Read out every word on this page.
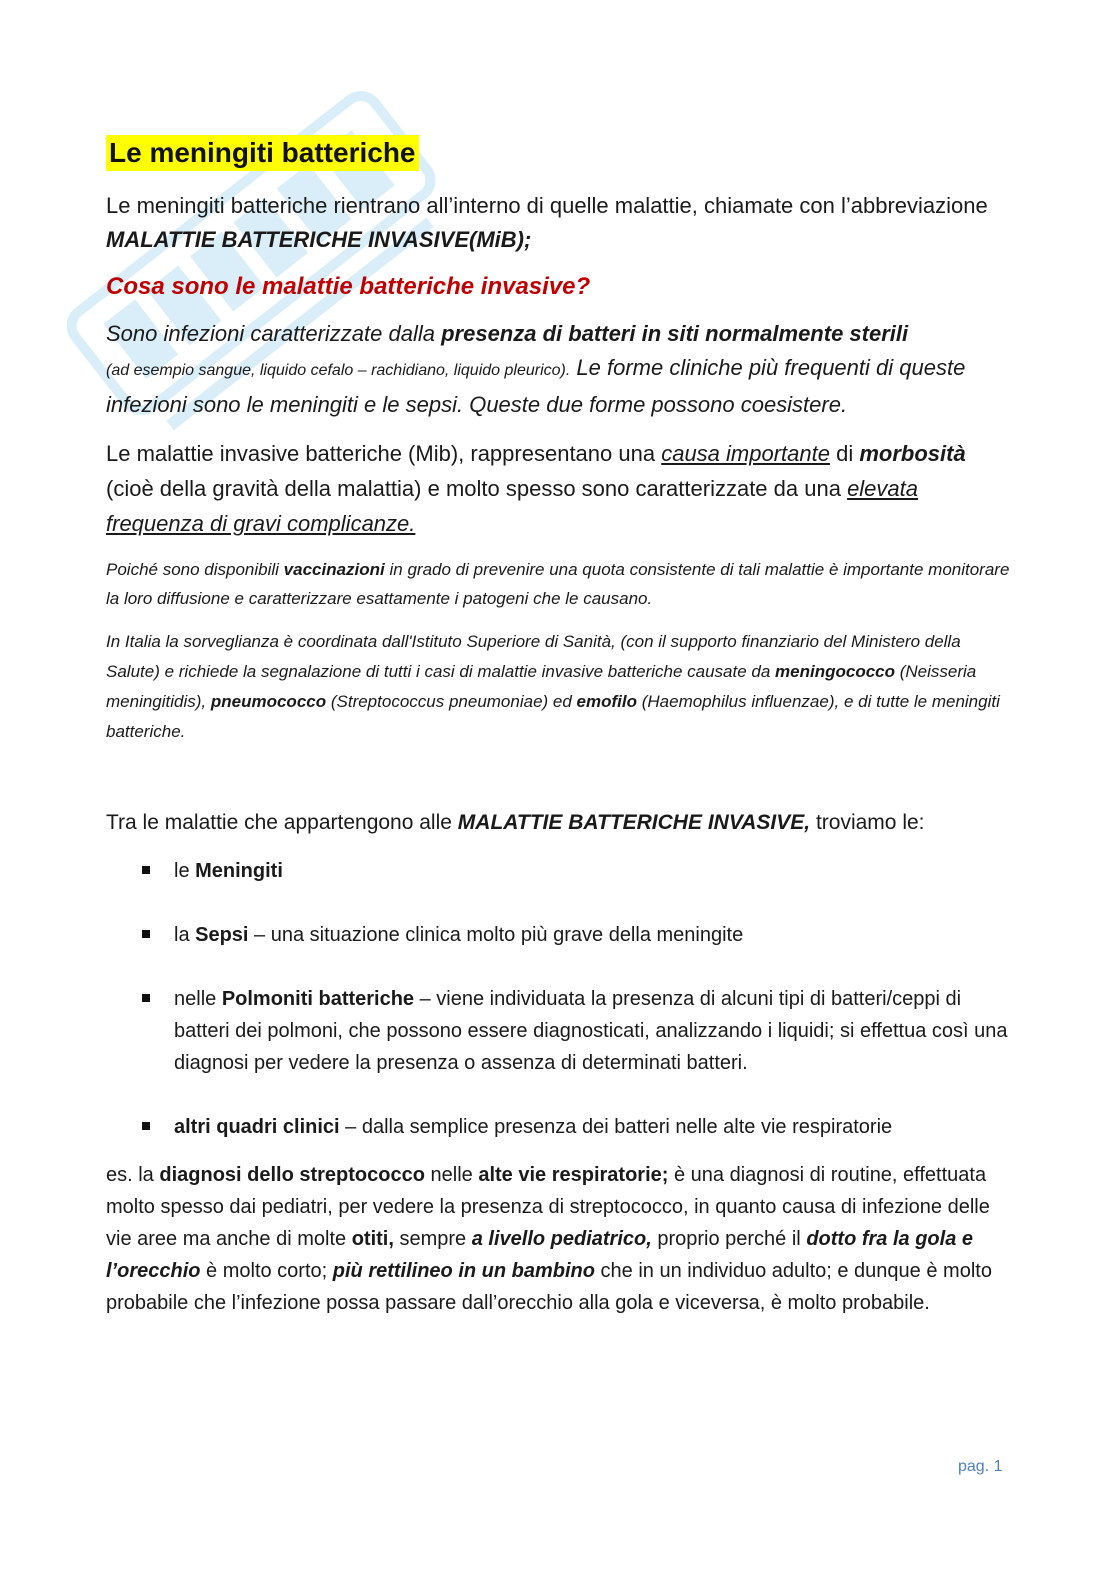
Le meningiti batteriche

Le meningiti batteriche rientrano all’interno di quelle malattie, chiamate con l’abbreviazione MALATTIE BATTERICHE INVASIVE(MiB);

Cosa sono le malattie batteriche invasive?

Sono infezioni caratterizzate dalla presenza di batteri in siti normalmente sterili
(ad esempio sangue, liquido cefalo – rachidiano, liquido pleurico). Le forme cliniche più frequenti di queste infezioni sono le meningiti e le sepsi. Queste due forme possono coesistere.

Le malattie invasive batteriche (Mib), rappresentano una causa importante di morbosità (cioè della gravità della malattia) e molto spesso sono caratterizzate da una elevata frequenza di gravi complicanze.

Poiché sono disponibili vaccinazioni in grado di prevenire una quota consistente di tali malattie è importante monitorare la loro diffusione e caratterizzare esattamente i patogeni che le causano.

In Italia la sorveglianza è coordinata dall'Istituto Superiore di Sanità, (con il supporto finanziario del Ministero della Salute) e richiede la segnalazione di tutti i casi di malattie invasive batteriche causate da meningococco (Neisseria meningitidis), pneumococco (Streptococcus pneumoniae) ed emofilo (Haemophilus influenzae), e di tutte le meningiti batteriche.

Tra le malattie che appartengono alle MALATTIE BATTERICHE INVASIVE, troviamo le:

le Meningiti
la Sepsi – una situazione clinica molto più grave della meningite
nelle Polmoniti batteriche – viene individuata la presenza di alcuni tipi di batteri/ceppi di batteri dei polmoni, che possono essere diagnosticati, analizzando i liquidi; si effettua così una diagnosi per vedere la presenza o assenza di determinati batteri.
altri quadri clinici – dalla semplice presenza dei batteri nelle alte vie respiratorie

es. la diagnosi dello streptococco nelle alte vie respiratorie; è una diagnosi di routine, effettuata molto spesso dai pediatri, per vedere la presenza di streptococco, in quanto causa di infezione delle vie aree ma anche di molte otiti, sempre a livello pediatrico, proprio perché il dotto fra la gola e l’orecchio è molto corto; più rettilineo in un bambino che in un individuo adulto; e dunque è molto probabile che l’infezione possa passare dall’orecchio alla gola e viceversa, è molto probabile.

pag. 1
